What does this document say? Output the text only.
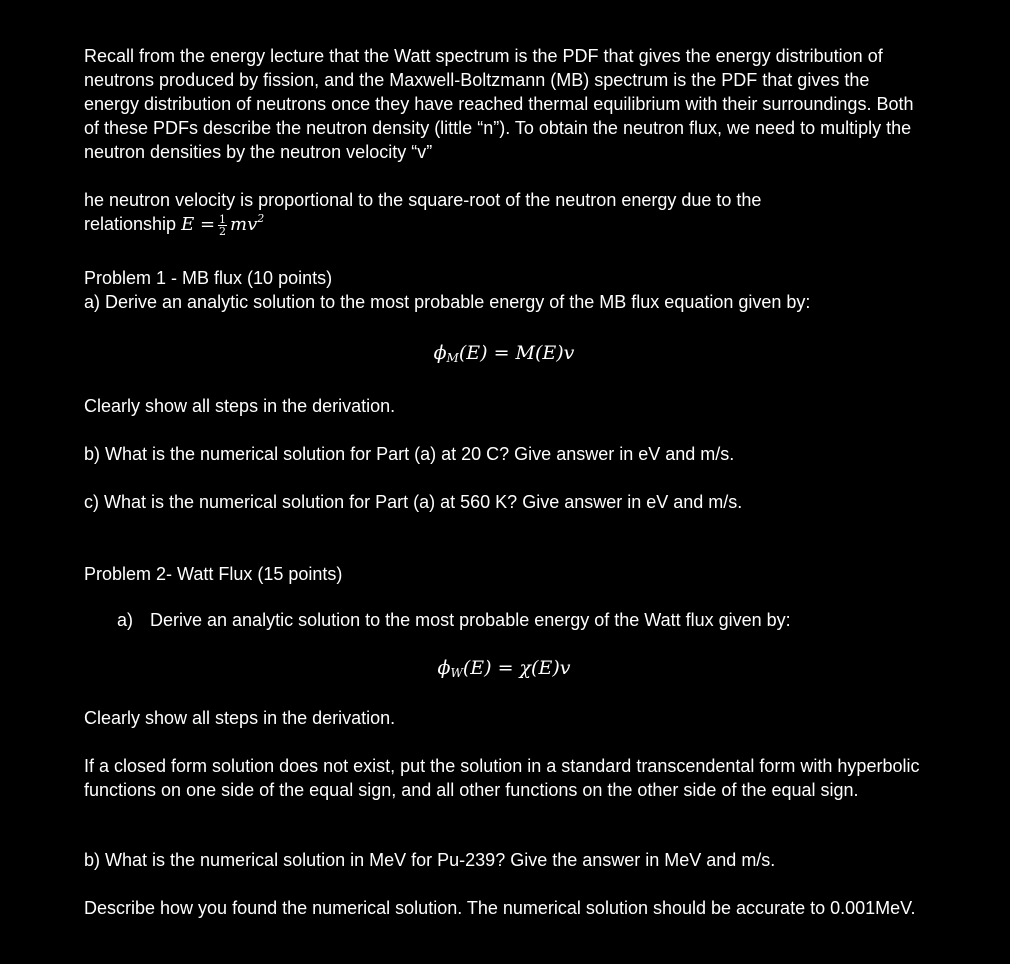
Recall from the energy lecture that the Watt spectrum is the PDF that gives the energy distribution of neutrons produced by fission, and the Maxwell-Boltzmann (MB) spectrum is the PDF that gives the energy distribution of neutrons once they have reached thermal equilibrium with their surroundings. Both of these PDFs describe the neutron density (little “n”). To obtain the neutron flux, we need to multiply the neutron densities by the neutron velocity “v”

he neutron velocity is proportional to the square-root of the neutron energy due to the
relationship $E = \frac{1}{2} mv^2$
Problem 1 - MB flux (10 points)
a) Derive an analytic solution to the most probable energy of the MB flux equation given by:
$\phi_M(E) = M(E)v$
Clearly show all steps in the derivation.
b) What is the numerical solution for Part (a) at 20 C? Give answer in eV and m/s.
c) What is the numerical solution for Part (a) at 560 K? Give answer in eV and m/s.
Problem 2- Watt Flux (15 points)
a) Derive an analytic solution to the most probable energy of the Watt flux given by:
$\phi_W(E) = \chi(E)v$
Clearly show all steps in the derivation.

If a closed form solution does not exist, put the solution in a standard transcendental form with hyperbolic functions on one side of the equal sign, and all other functions on the other side of the equal sign.

b) What is the numerical solution in MeV for Pu-239? Give the answer in MeV and m/s.

Describe how you found the numerical solution. The numerical solution should be accurate to 0.001MeV.
